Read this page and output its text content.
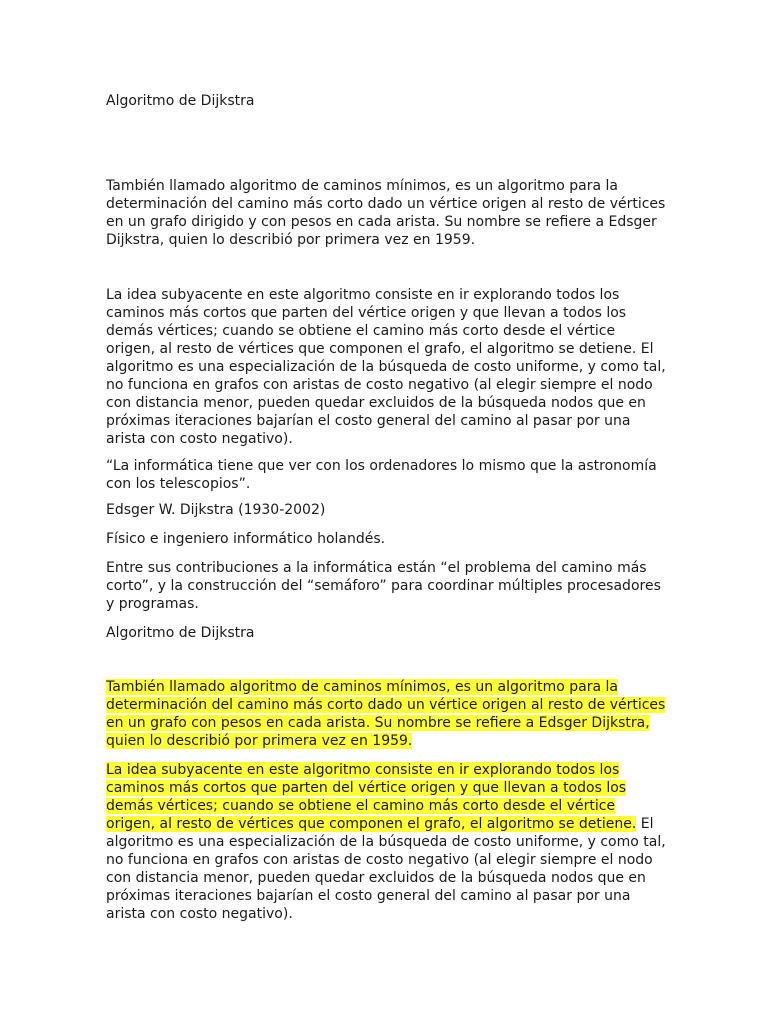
Algoritmo de Dijkstra

También llamado algoritmo de caminos mínimos, es un algoritmo para la
determinación del camino más corto dado un vértice origen al resto de vértices
en un grafo dirigido y con pesos en cada arista. Su nombre se refiere a Edsger
Dijkstra, quien lo describió por primera vez en 1959.

La idea subyacente en este algoritmo consiste en ir explorando todos los
caminos más cortos que parten del vértice origen y que llevan a todos los
demás vértices; cuando se obtiene el camino más corto desde el vértice
origen, al resto de vértices que componen el grafo, el algoritmo se detiene. El
algoritmo es una especialización de la búsqueda de costo uniforme, y como tal,
no funciona en grafos con aristas de costo negativo (al elegir siempre el nodo
con distancia menor, pueden quedar excluidos de la búsqueda nodos que en
próximas iteraciones bajarían el costo general del camino al pasar por una
arista con costo negativo).

“La informática tiene que ver con los ordenadores lo mismo que la astronomía
con los telescopios”.

Edsger W. Dijkstra (1930-2002)

Físico e ingeniero informático holandés.

Entre sus contribuciones a la informática están “el problema del camino más
corto”, y la construcción del “semáforo” para coordinar múltiples procesadores
y programas.

Algoritmo de Dijkstra

También llamado algoritmo de caminos mínimos, es un algoritmo para la
determinación del camino más corto dado un vértice origen al resto de vértices
en un grafo con pesos en cada arista. Su nombre se refiere a Edsger Dijkstra,
quien lo describió por primera vez en 1959.

La idea subyacente en este algoritmo consiste en ir explorando todos los
caminos más cortos que parten del vértice origen y que llevan a todos los
demás vértices; cuando se obtiene el camino más corto desde el vértice
origen, al resto de vértices que componen el grafo, el algoritmo se detiene. El
algoritmo es una especialización de la búsqueda de costo uniforme, y como tal,
no funciona en grafos con aristas de costo negativo (al elegir siempre el nodo
con distancia menor, pueden quedar excluidos de la búsqueda nodos que en
próximas iteraciones bajarían el costo general del camino al pasar por una
arista con costo negativo).
